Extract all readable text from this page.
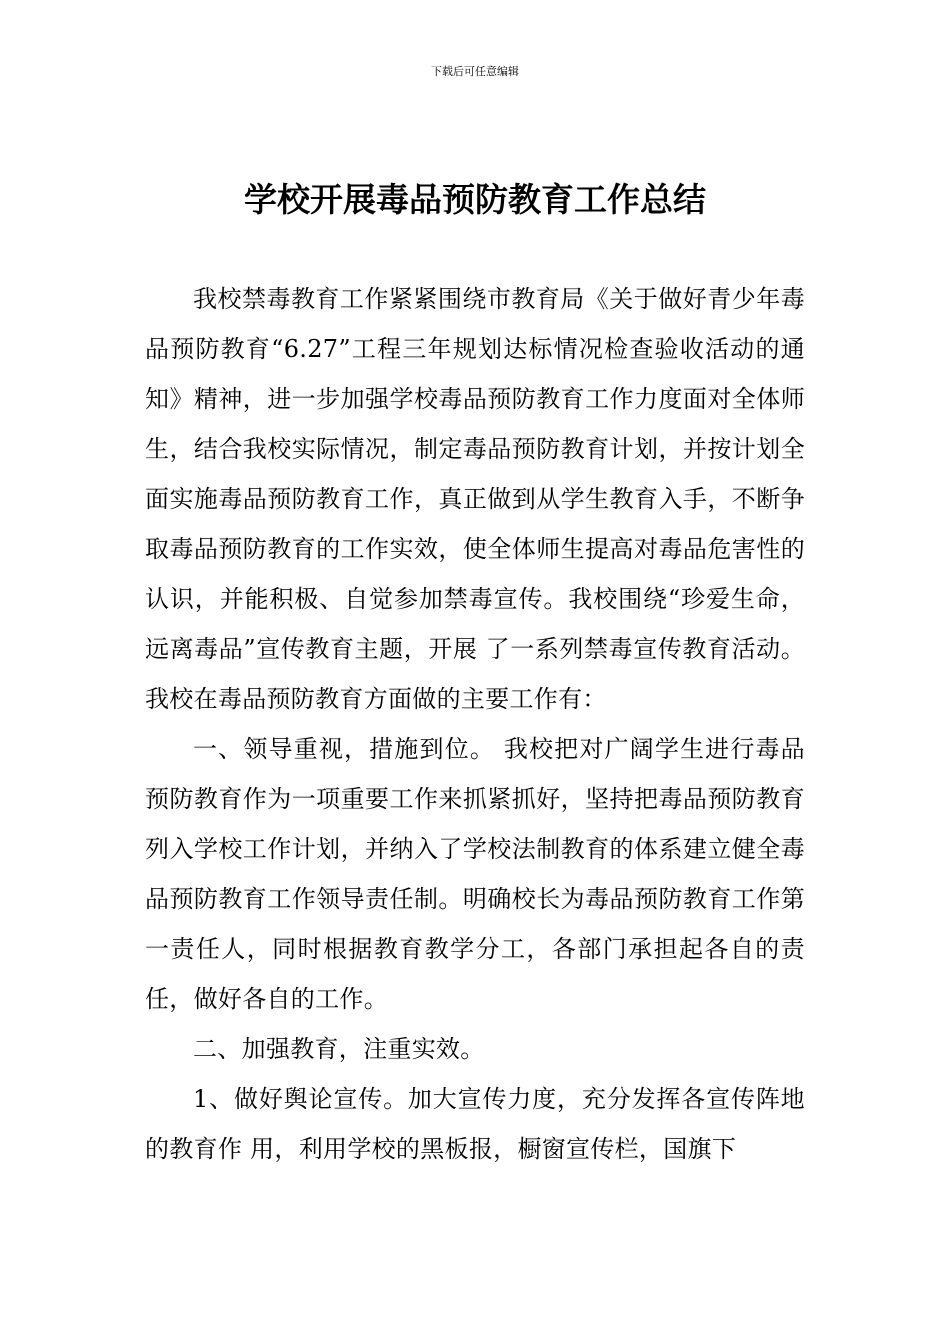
下载后可任意编辑
学校开展毒品预防教育工作总结

我校禁毒教育工作紧紧围绕市教育局《关于做好青少年毒品预防教育“6.27”工程三年规划达标情况检查验收活动的通知》精神，进一步加强学校毒品预防教育工作力度面对全体师生，结合我校实际情况，制定毒品预防教育计划，并按计划全面实施毒品预防教育工作，真正做到从学生教育入手，不断争取毒品预防教育的工作实效，使全体师生提高对毒品危害性的认识，并能积极、自觉参加禁毒宣传。我校围绕“珍爱生命，远离毒品”宣传教育主题，开展 了一系列禁毒宣传教育活动。我校在毒品预防教育方面做的主要工作有：

一、领导重视，措施到位。 我校把对广阔学生进行毒品预防教育作为一项重要工作来抓紧抓好，坚持把毒品预防教育列入学校工作计划，并纳入了学校法制教育的体系建立健全毒品预防教育工作领导责任制。明确校长为毒品预防教育工作第一责任人，同时根据教育教学分工，各部门承担起各自的责任，做好各自的工作。

二、加强教育，注重实效。

1、做好舆论宣传。加大宣传力度，充分发挥各宣传阵地的教育作 用，利用学校的黑板报，橱窗宣传栏，国旗下
